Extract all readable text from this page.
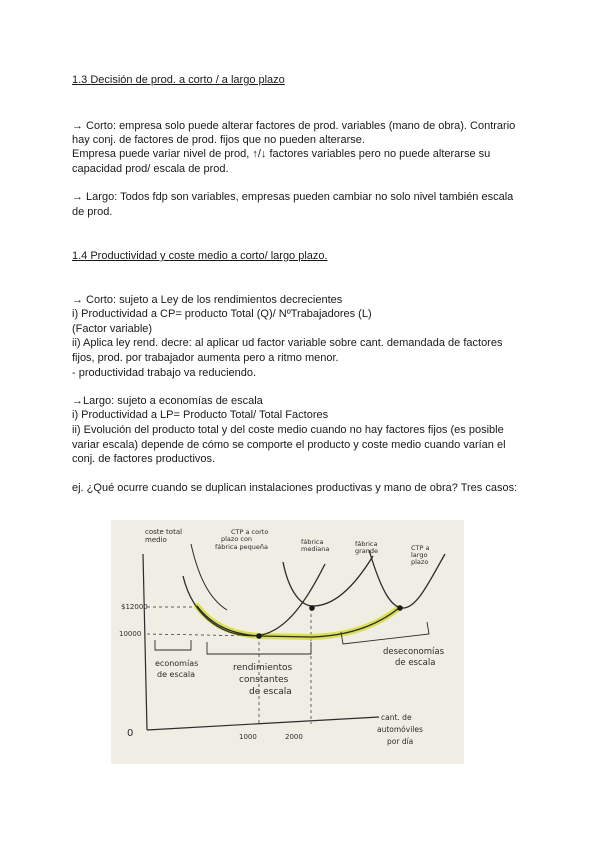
1.3 Decisión de prod. a corto / a largo plazo
→ Corto: empresa solo puede alterar factores de prod. variables (mano de obra). Contrario
hay conj. de factores de prod. fijos que no pueden alterarse.
Empresa puede variar nivel de prod, ↑/↓ factores variables pero no puede alterarse su
capacidad prod/ escala de prod.
→ Largo: Todos fdp son variables, empresas pueden cambiar no solo nivel también escala
de prod.
1.4 Productividad y coste medio a corto/ largo plazo.
→ Corto: sujeto a Ley de los rendimientos decrecientes
i) Productividad a CP= producto Total (Q)/ NºTrabajadores (L)
(Factor variable)
ii) Aplica ley rend. decre: al aplicar ud factor variable sobre cant. demandada de factores
fijos, prod. por trabajador aumenta pero a ritmo menor.
- productividad trabajo va reduciendo.
→Largo: sujeto a economías de escala
i) Productividad a LP= Producto Total/ Total Factores
ii) Evolución del producto total y del coste medio cuando no hay factores fijos (es posible
variar escala) depende de cómo se comporte el producto y coste medio cuando varían el
conj. de factores productivos.
ej. ¿Qué ocurre cuando se duplican instalaciones productivas y mano de obra? Tres casos:
coste total
medio
$12000
10000
0	1000	2000
CTP a corto
plazo con
fábrica pequeña
fábrica
mediana
fábrica
grande	CTP a
largo
plazo
economías
de escala
rendimientos
constantes
de escala
deseconomías
de escala
cant. de
automóviles
por día
